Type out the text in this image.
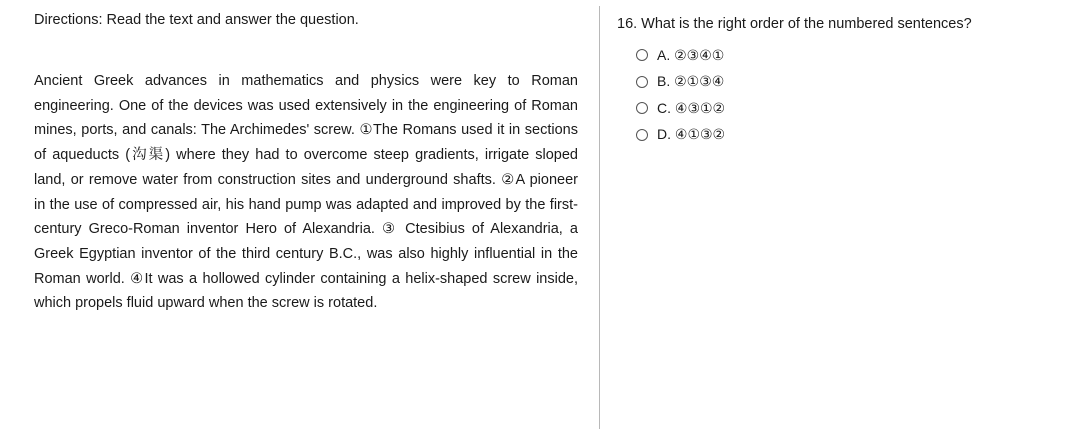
Directions: Read the text and answer the question.

Ancient Greek advances in mathematics and physics were key to Roman engineering. One of the devices was used extensively in the engineering of Roman mines, ports, and canals: The Archimedes' screw. ①The Romans used it in sections of aqueducts (沟渠) where they had to overcome steep gradients, irrigate sloped land, or remove water from construction sites and underground shafts. ②A pioneer in the use of compressed air, his hand pump was adapted and improved by the first-century Greco-Roman inventor Hero of Alexandria. ③ Ctesibius of Alexandria, a Greek Egyptian inventor of the third century B.C., was also highly influential in the Roman world. ④It was a hollowed cylinder containing a helix-shaped screw inside, which propels fluid upward when the screw is rotated.

16. What is the right order of the numbered sentences?

A. ②③④①
B. ②①③④
C. ④③①②
D. ④①③②
